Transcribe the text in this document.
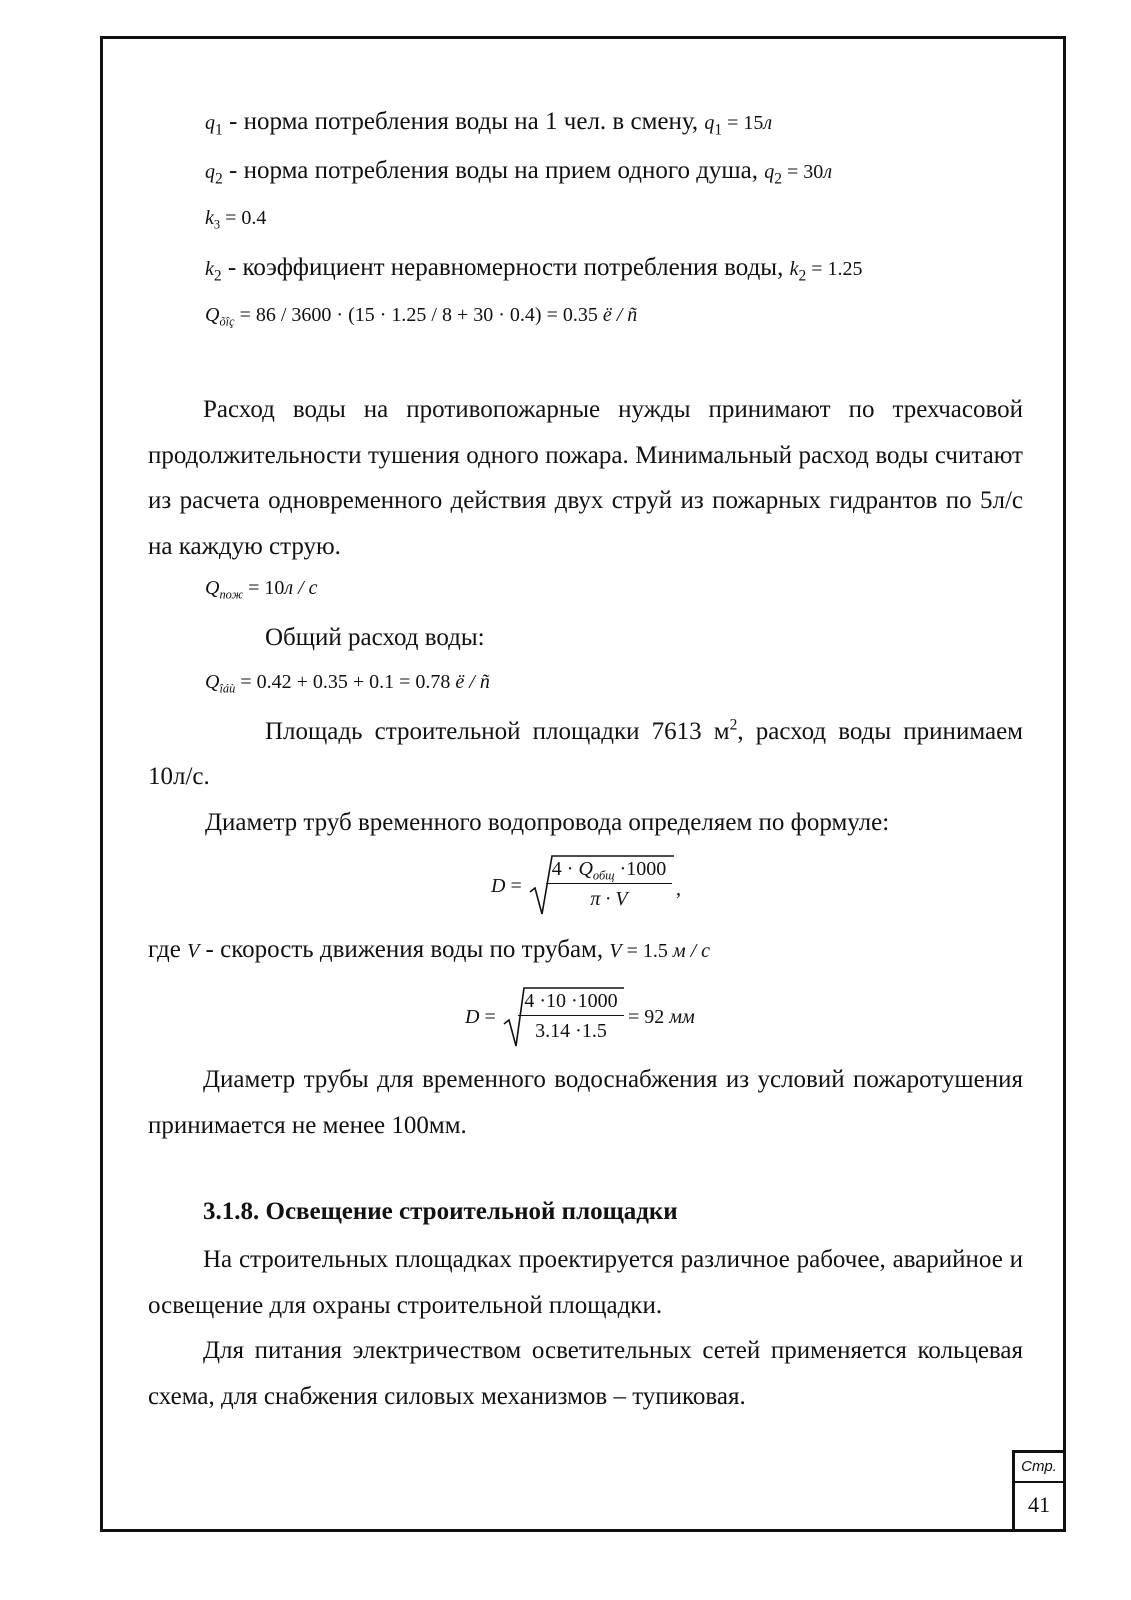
$q_1$ - норма потребления воды на 1 чел. в смену, $q_1 = 15л$
$q_2$ - норма потребления воды на прием одного душа, $q_2 = 30л$
$k_3 = 0.4$
$k_2$ - коэффициент неравномерности потребления воды, $k_2 = 1.25$
$Q_{õîç} = 86 / 3600 \cdot (15 \cdot 1.25 / 8 + 30 \cdot 0.4) = 0.35$ ë / ñ

Расход воды на противопожарные нужды принимают по трехчасовой продолжительности тушения одного пожара. Минимальный расход воды считают из расчета одновременного действия двух струй из пожарных гидрантов по 5л/с на каждую струю.

$Q_{пож} = 10л / с$
Общий расход воды:
$Q_{îáù} = 0.42 + 0.35 + 0.1 = 0.78$ ë / ñ
Площадь строительной площадки 7613 $м^2$, расход воды принимаем
10л/с.
Диаметр труб временного водопровода определяем по формуле:
D =
$4 \cdot Q_{общ} \cdot 1000$
π · V	,
где V - скорость движения воды по трубам, V = 1.5 м / с
$D = \frac{4 \cdot 10 \cdot 1000}{3.14 \cdot 1.5} = 92$ мм

Диаметр трубы для временного водоснабжения из условий пожаротушения принимается не менее 100мм.

3.1.8. Освещение строительной площадки

На строительных площадках проектируется различное рабочее, аварийное и освещение для охраны строительной площадки.

Для питания электричеством осветительных сетей применяется кольцевая схема, для снабжения силовых механизмов – тупиковая.

Стр.
41
